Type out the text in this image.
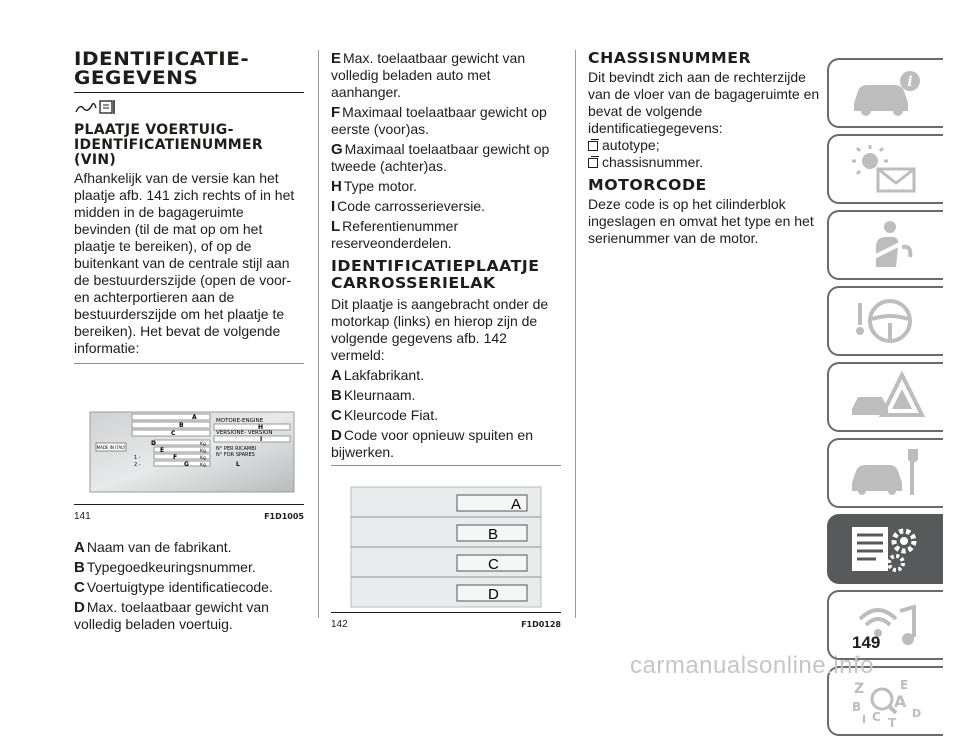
IDENTIFICATIE-GEGEVENS
PLAATJE VOERTUIG-IDENTIFICATIENUMMER (VIN)

Afhankelijk van de versie kan het plaatje afb. 141 zich rechts of in het midden in de bagageruimte bevinden (til de mat op om het plaatje te bereiken), of op de buitenkant van de centrale stijl aan de bestuurderszijde (open de voor- en achterportieren aan de bestuurderszijde om het plaatje te bereiken). Het bevat de volgende informatie:

MADE IN ITALY
A
B
C
D
E
F
G
1 -
2 -
Kg
Kg
Kg
Kg
MOTORE-ENGINE
H
VERSIONE- VERSION
I
N° PER RICAMBI
N° FOR SPARES
L
141	F1D1005
A Naam van de fabrikant.
B Typegoedkeuringsnummer.
C Voertuigtype identificatiecode.
D Max. toelaatbaar gewicht van volledig beladen voertuig.
E Max. toelaatbaar gewicht van volledig beladen auto met aanhanger.
F Maximaal toelaatbaar gewicht op eerste (voor)as.
G Maximaal toelaatbaar gewicht op tweede (achter)as.
H Type motor.
I Code carrosserieversie.
L Referentienummer reserveonderdelen.
IDENTIFICATIEPLAATJE CARROSSERIELAK

Dit plaatje is aangebracht onder de motorkap (links) en hierop zijn de volgende gegevens afb. 142 vermeld:

A Lakfabrikant.
B Kleurnaam.
C Kleurcode Fiat.
D Code voor opnieuw spuiten en bijwerken.
A
B
C
D
142	F1D0128
CHASSISNUMMER

Dit bevindt zich aan de rechterzijde van de vloer van de bagageruimte en bevat de volgende identificatiegegevens:

autotype;
chassisnummer.
MOTORCODE

Deze code is op het cilinderblok ingeslagen en omvat het type en het serienummer van de motor.

i
Z	E
A
B
C	D
T
I
149
carmanualsonline.info
